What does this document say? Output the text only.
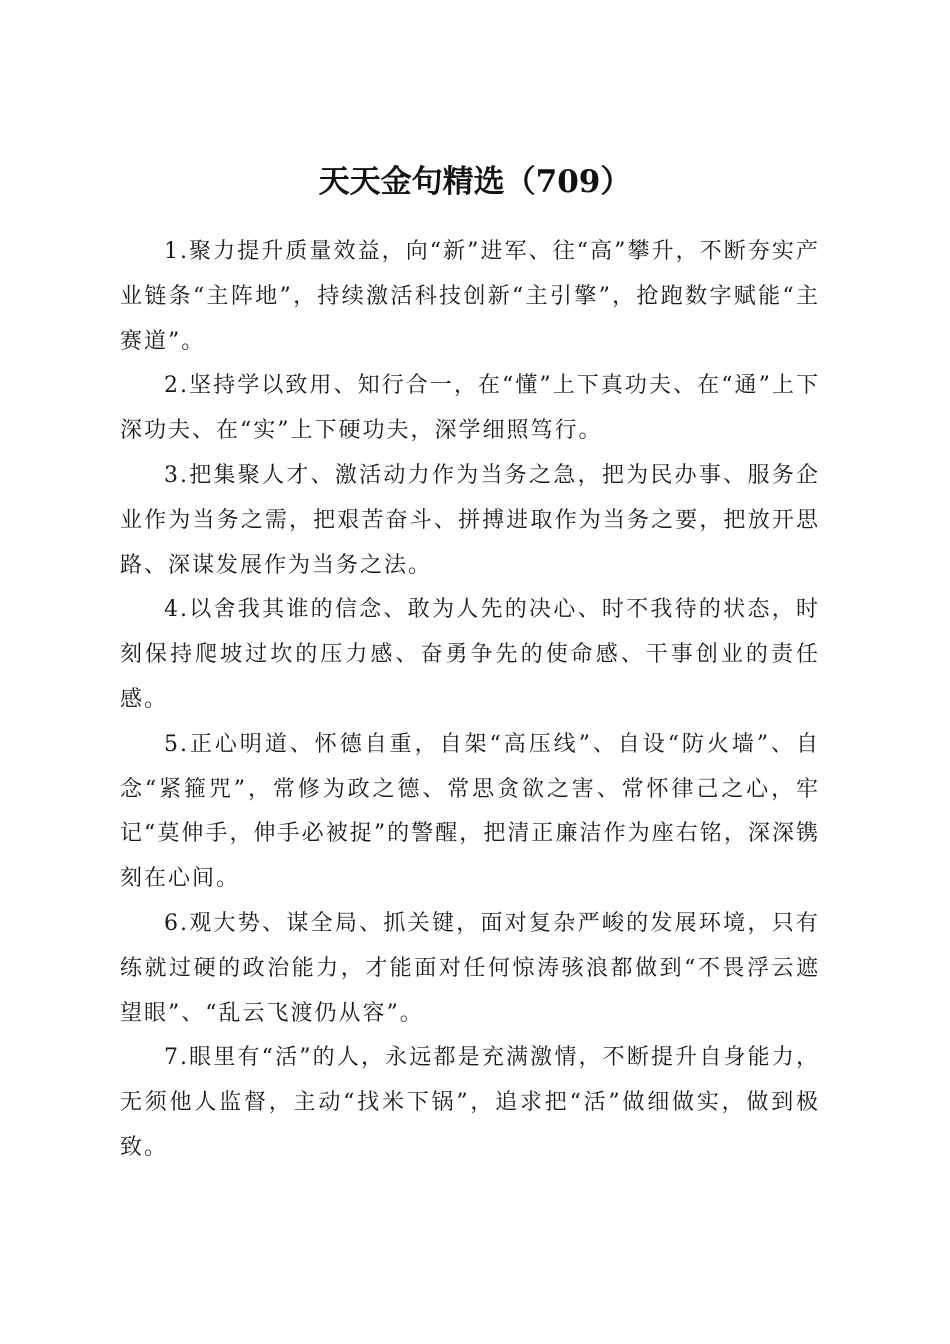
天天金句精选（709）

1.聚力提升质量效益，向“新”进军、往“高”攀升，不断夯实产业链条“主阵地”，持续激活科技创新“主引擎”，抢跑数字赋能“主赛道”。

2.坚持学以致用、知行合一，在“懂”上下真功夫、在“通”上下深功夫、在“实”上下硬功夫，深学细照笃行。

3.把集聚人才、激活动力作为当务之急，把为民办事、服务企业作为当务之需，把艰苦奋斗、拼搏进取作为当务之要，把放开思路、深谋发展作为当务之法。

4.以舍我其谁的信念、敢为人先的决心、时不我待的状态，时刻保持爬坡过坎的压力感、奋勇争先的使命感、干事创业的责任感。

5.正心明道、怀德自重，自架“高压线”、自设“防火墙”、自念“紧箍咒”，常修为政之德、常思贪欲之害、常怀律己之心，牢记“莫伸手，伸手必被捉”的警醒，把清正廉洁作为座右铭，深深镌刻在心间。

6.观大势、谋全局、抓关键，面对复杂严峻的发展环境，只有练就过硬的政治能力，才能面对任何惊涛骇浪都做到“不畏浮云遮望眼”、“乱云飞渡仍从容”。

7.眼里有“活”的人，永远都是充满激情，不断提升自身能力，无须他人监督，主动“找米下锅”，追求把“活”做细做实，做到极致。
